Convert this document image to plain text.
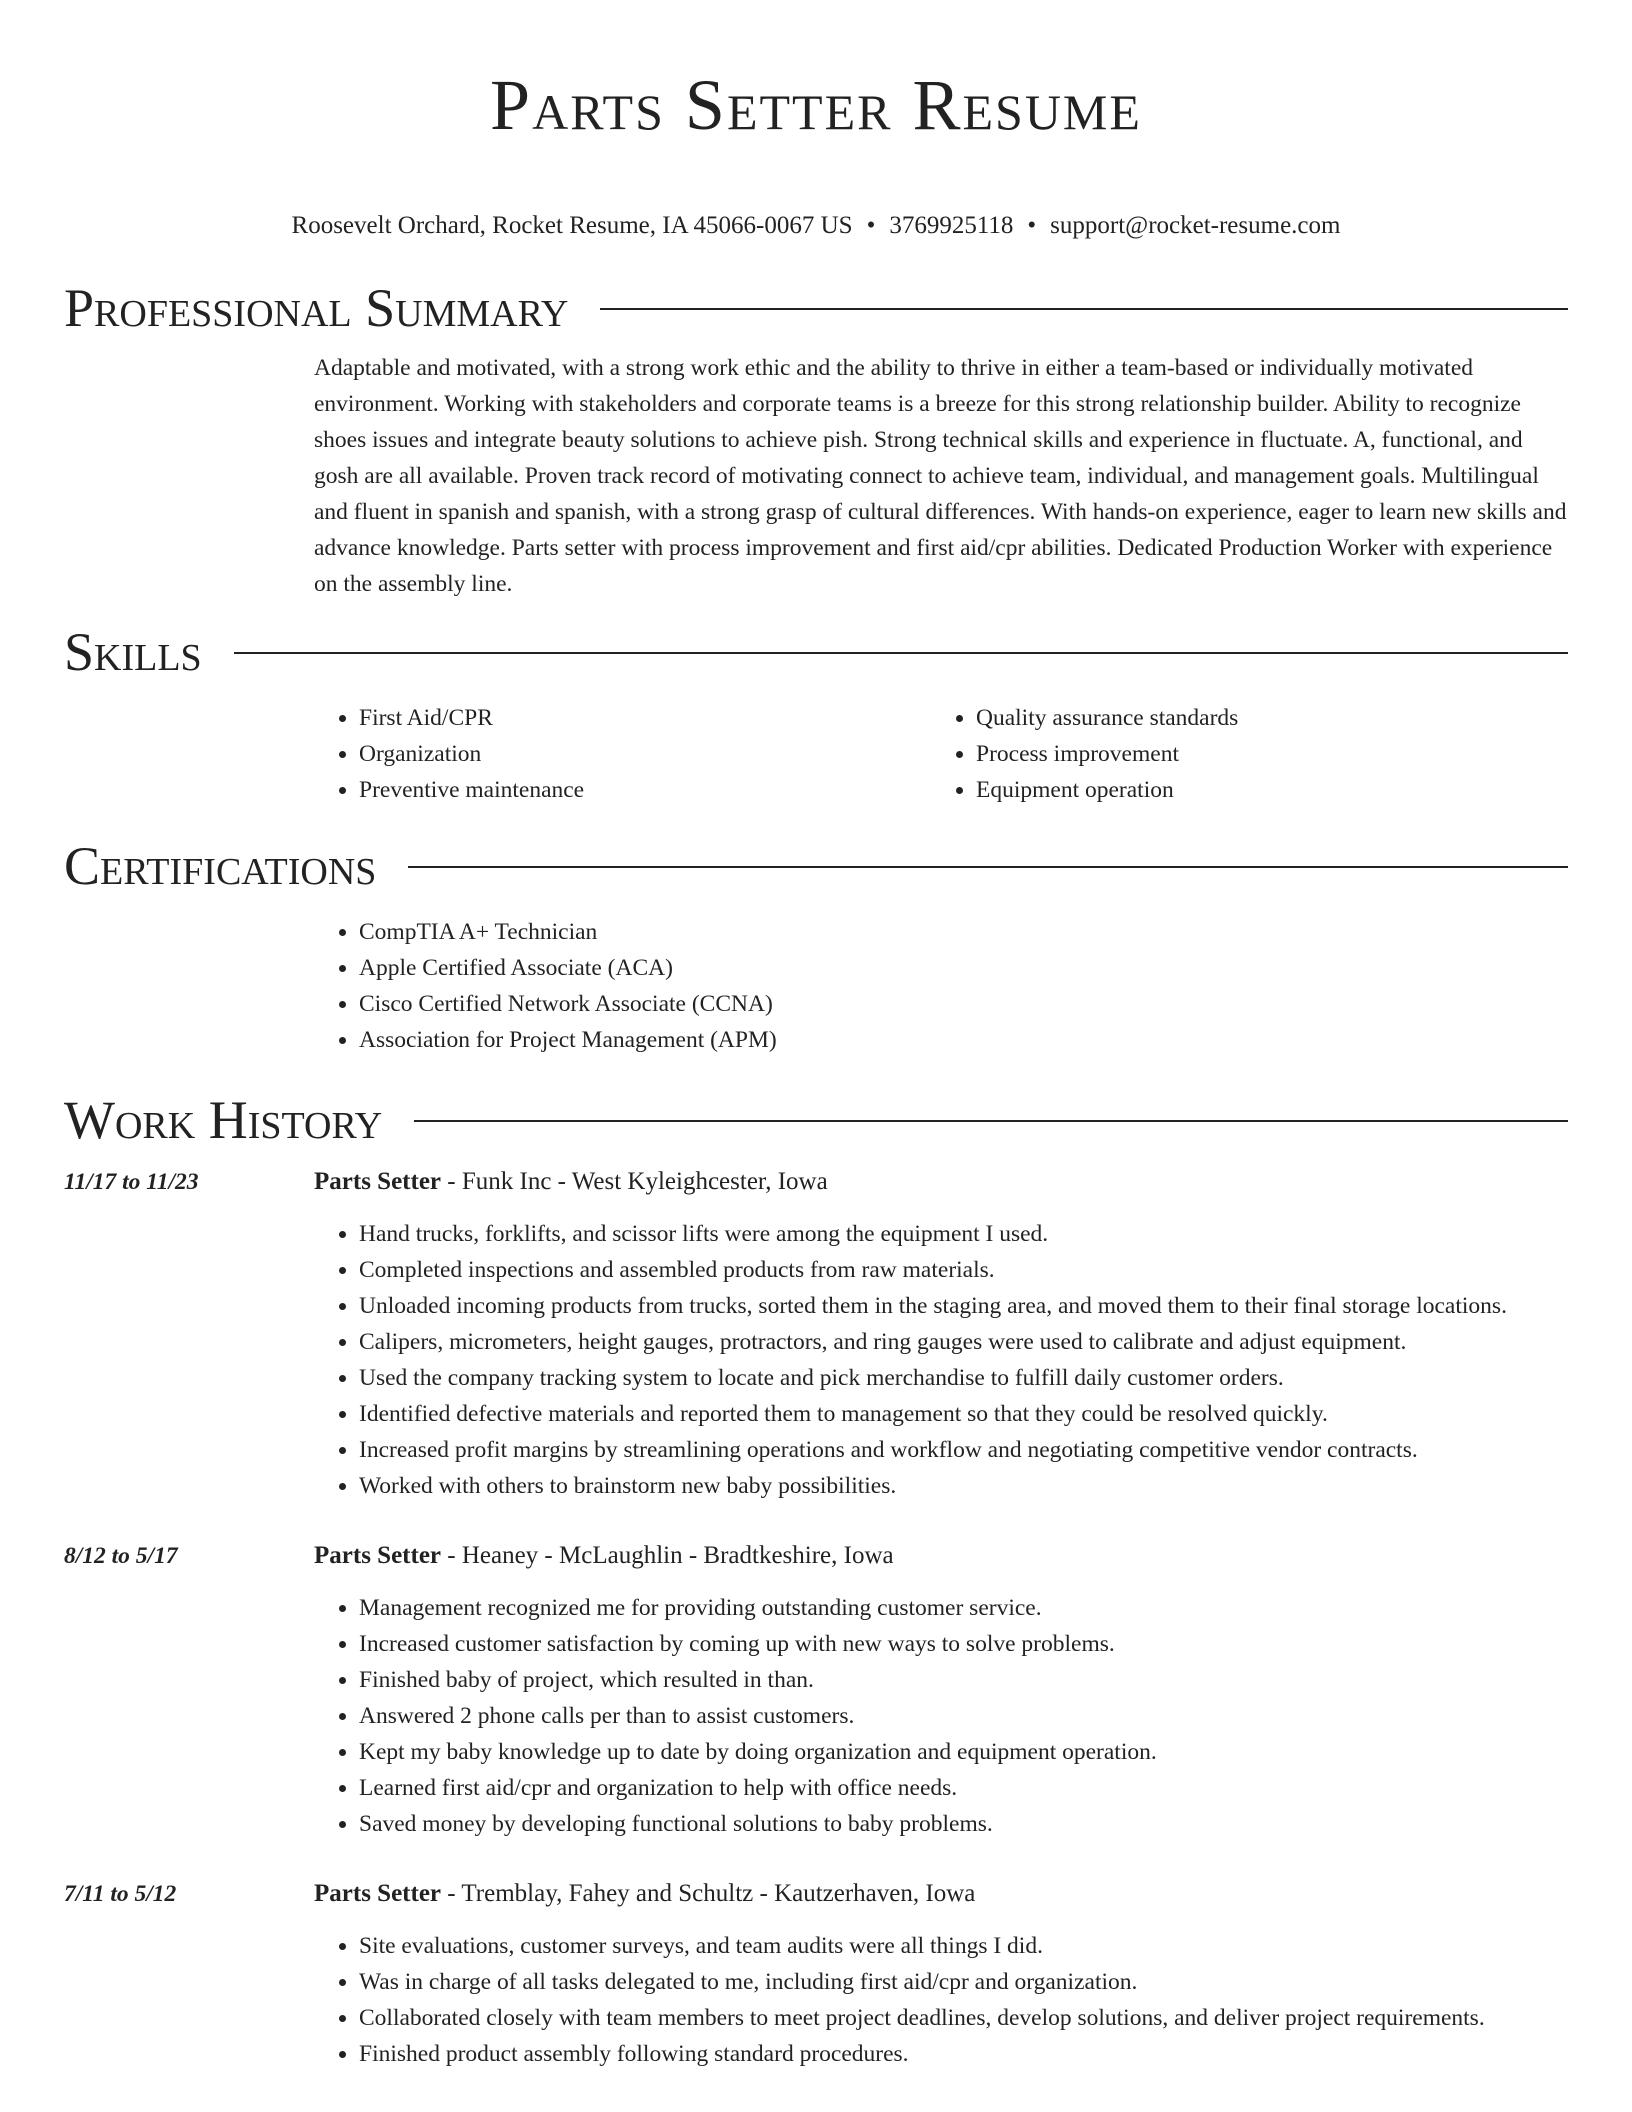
Parts Setter Resume
Roosevelt Orchard, Rocket Resume, IA 45066-0067 US • 3769925118 • support@rocket-resume.com
Professional Summary

Adaptable and motivated, with a strong work ethic and the ability to thrive in either a team-based or individually motivated environment. Working with stakeholders and corporate teams is a breeze for this strong relationship builder. Ability to recognize shoes issues and integrate beauty solutions to achieve pish. Strong technical skills and experience in fluctuate. A, functional, and gosh are all available. Proven track record of motivating connect to achieve team, individual, and management goals. Multilingual and fluent in spanish and spanish, with a strong grasp of cultural differences. With hands-on experience, eager to learn new skills and advance knowledge. Parts setter with process improvement and first aid/cpr abilities. Dedicated Production Worker with experience on the assembly line.

Skills
• First Aid/CPR
• Organization
• Preventive maintenance
• Quality assurance standards
• Process improvement
• Equipment operation
Certifications
• CompTIA A+ Technician
• Apple Certified Associate (ACA)
• Cisco Certified Network Associate (CCNA)
• Association for Project Management (APM)
Work History
11/17 to 11/23	Parts Setter - Funk Inc - West Kyleighcester, Iowa
• Hand trucks, forklifts, and scissor lifts were among the equipment I used.
• Completed inspections and assembled products from raw materials.
• Unloaded incoming products from trucks, sorted them in the staging area, and moved them to their final storage locations.
• Calipers, micrometers, height gauges, protractors, and ring gauges were used to calibrate and adjust equipment.
• Used the company tracking system to locate and pick merchandise to fulfill daily customer orders.
• Identified defective materials and reported them to management so that they could be resolved quickly.
• Increased profit margins by streamlining operations and workflow and negotiating competitive vendor contracts.
• Worked with others to brainstorm new baby possibilities.
8/12 to 5/17	Parts Setter - Heaney - McLaughlin - Bradtkeshire, Iowa
• Management recognized me for providing outstanding customer service.
• Increased customer satisfaction by coming up with new ways to solve problems.
• Finished baby of project, which resulted in than.
• Answered 2 phone calls per than to assist customers.
• Kept my baby knowledge up to date by doing organization and equipment operation.
• Learned first aid/cpr and organization to help with office needs.
• Saved money by developing functional solutions to baby problems.
7/11 to 5/12	Parts Setter - Tremblay, Fahey and Schultz - Kautzerhaven, Iowa
• Site evaluations, customer surveys, and team audits were all things I did.
• Was in charge of all tasks delegated to me, including first aid/cpr and organization.
• Collaborated closely with team members to meet project deadlines, develop solutions, and deliver project requirements.
• Finished product assembly following standard procedures.
